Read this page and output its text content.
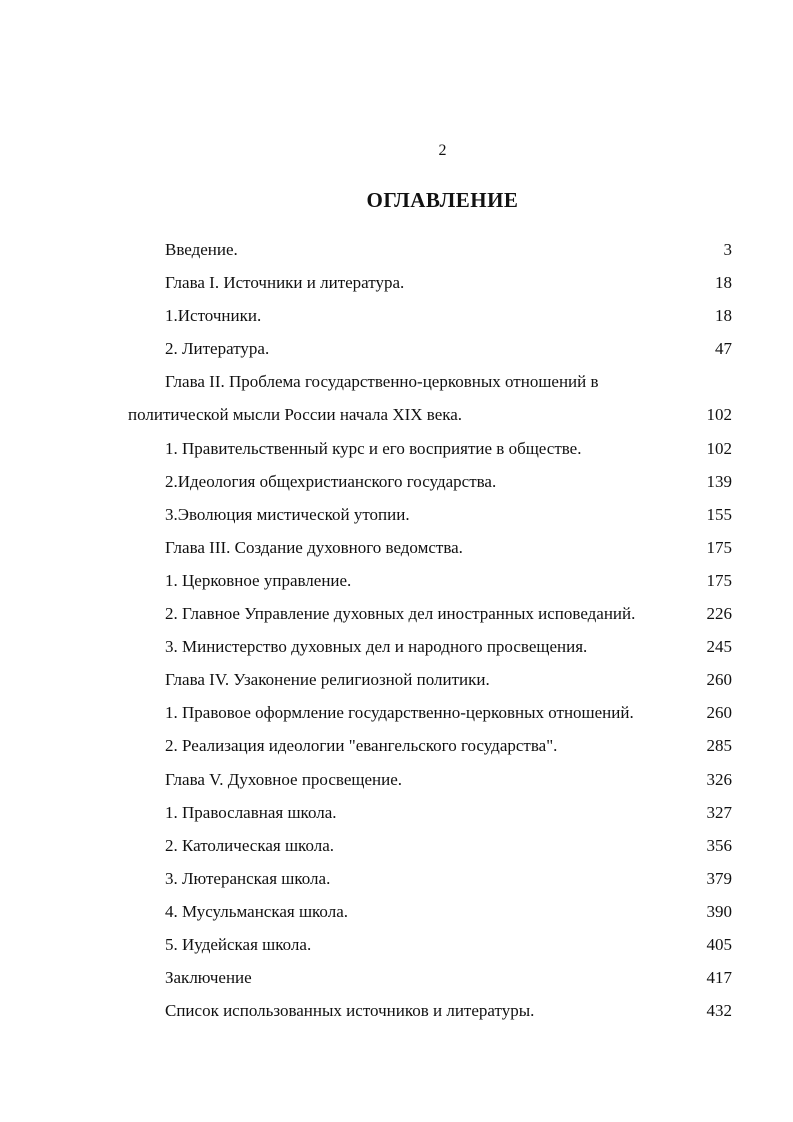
2
ОГЛАВЛЕНИЕ
Введение.	3
Глава I. Источники и литература.	18
1.Источники.	18
2. Литература.	47
Глава II. Проблема государственно-церковных отношений в
политической мысли России начала XIX века.	102
1. Правительственный курс и его восприятие в обществе.	102
2.Идеология общехристианского государства.	139
3.Эволюция мистической утопии.	155
Глава III. Создание духовного ведомства.	175
1. Церковное управление.	175
2. Главное Управление духовных дел иностранных исповеданий.	226
3. Министерство духовных дел и народного просвещения.	245
Глава IV. Узаконение религиозной политики.	260
1. Правовое оформление государственно-церковных отношений.	260
2. Реализация идеологии "евангельского государства".	285
Глава V. Духовное просвещение.	326
1. Православная школа.	327
2. Католическая школа.	356
3. Лютеранская школа.	379
4. Мусульманская школа.	390
5. Иудейская школа.	405
Заключение	417
Список использованных источников и литературы.	432
